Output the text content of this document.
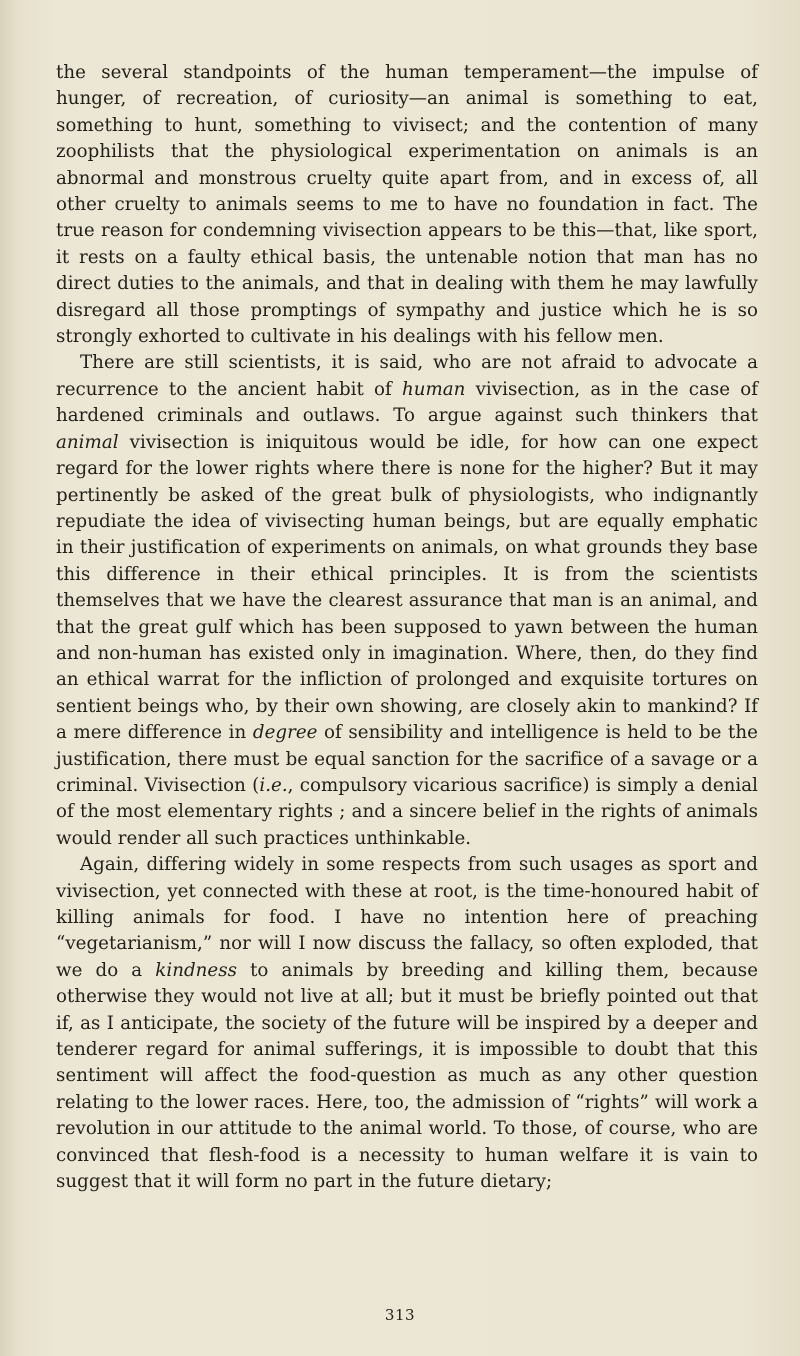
the several standpoints of the human temperament—the impulse of hunger, of recreation, of curiosity—an animal is something to eat, something to hunt, something to vivisect; and the contention of many zoophilists that the physiological experimentation on animals is an abnormal and monstrous cruelty quite apart from, and in excess of, all other cruelty to animals seems to me to have no foundation in fact. The true reason for condemning vivisection appears to be this—that, like sport, it rests on a faulty ethical basis, the untenable notion that man has no direct duties to the animals, and that in dealing with them he may lawfully disregard all those promptings of sympathy and justice which he is so strongly exhorted to cultivate in his dealings with his fellow men.

There are still scientists, it is said, who are not afraid to advocate a recurrence to the ancient habit of human vivisection, as in the case of hardened criminals and outlaws. To argue against such thinkers that animal vivisection is iniquitous would be idle, for how can one expect regard for the lower rights where there is none for the higher? But it may pertinently be asked of the great bulk of physiologists, who indignantly repudiate the idea of vivisecting human beings, but are equally emphatic in their justification of experiments on animals, on what grounds they base this difference in their ethical principles. It is from the scientists themselves that we have the clearest assurance that man is an animal, and that the great gulf which has been supposed to yawn between the human and non-human has existed only in imagination. Where, then, do they find an ethical warrat for the infliction of prolonged and exquisite tortures on sentient beings who, by their own showing, are closely akin to mankind? If a mere difference in degree of sensibility and intelligence is held to be the justification, there must be equal sanction for the sacrifice of a savage or a criminal. Vivisection (i.e., compulsory vicarious sacrifice) is simply a denial of the most elementary rights ; and a sincere belief in the rights of animals would render all such practices unthinkable.

Again, differing widely in some respects from such usages as sport and vivisection, yet connected with these at root, is the time-honoured habit of killing animals for food. I have no intention here of preaching “vegetarianism,” nor will I now discuss the fallacy, so often exploded, that we do a kindness to animals by breeding and killing them, because otherwise they would not live at all; but it must be briefly pointed out that if, as I anticipate, the society of the future will be inspired by a deeper and tenderer regard for animal sufferings, it is impossible to doubt that this sentiment will affect the food-question as much as any other question relating to the lower races. Here, too, the admission of “rights” will work a revolution in our attitude to the animal world. To those, of course, who are convinced that flesh-food is a necessity to human welfare it is vain to suggest that it will form no part in the future dietary;

313
